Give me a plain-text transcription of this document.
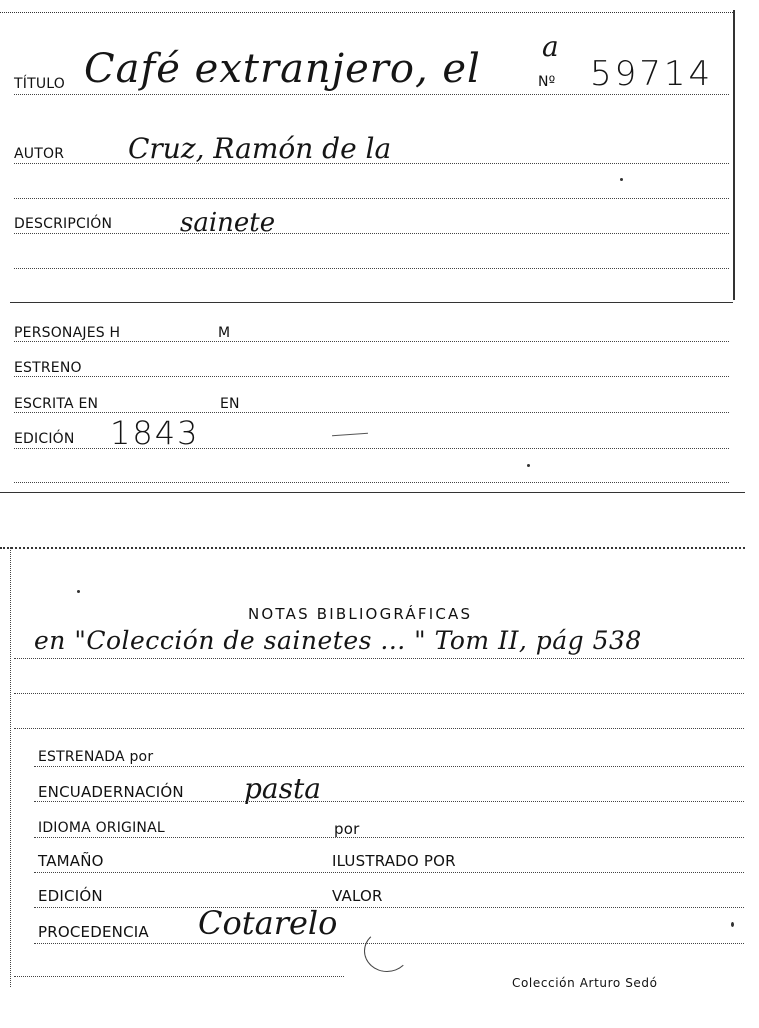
TÍTULO Café extranjero, el a
Nº 59714
AUTOR Cruz, Ramón de la
DESCRIPCIÓN	sainete
PERSONAJES H	M
ESTRENO
ESCRITA EN	EN
EDICIÓN 1843
NOTAS BIBLIOGRÁFICAS
en "Colección de sainetes ... " Tom II, pág 538
ESTRENADA por
ENCUADERNACIÓN pasta
IDIOMA ORIGINAL	por
TAMAÑO	ILUSTRADO POR
EDICIÓN	VALOR
PROCEDENCIA Cotarelo
Colección Arturo Sedó
